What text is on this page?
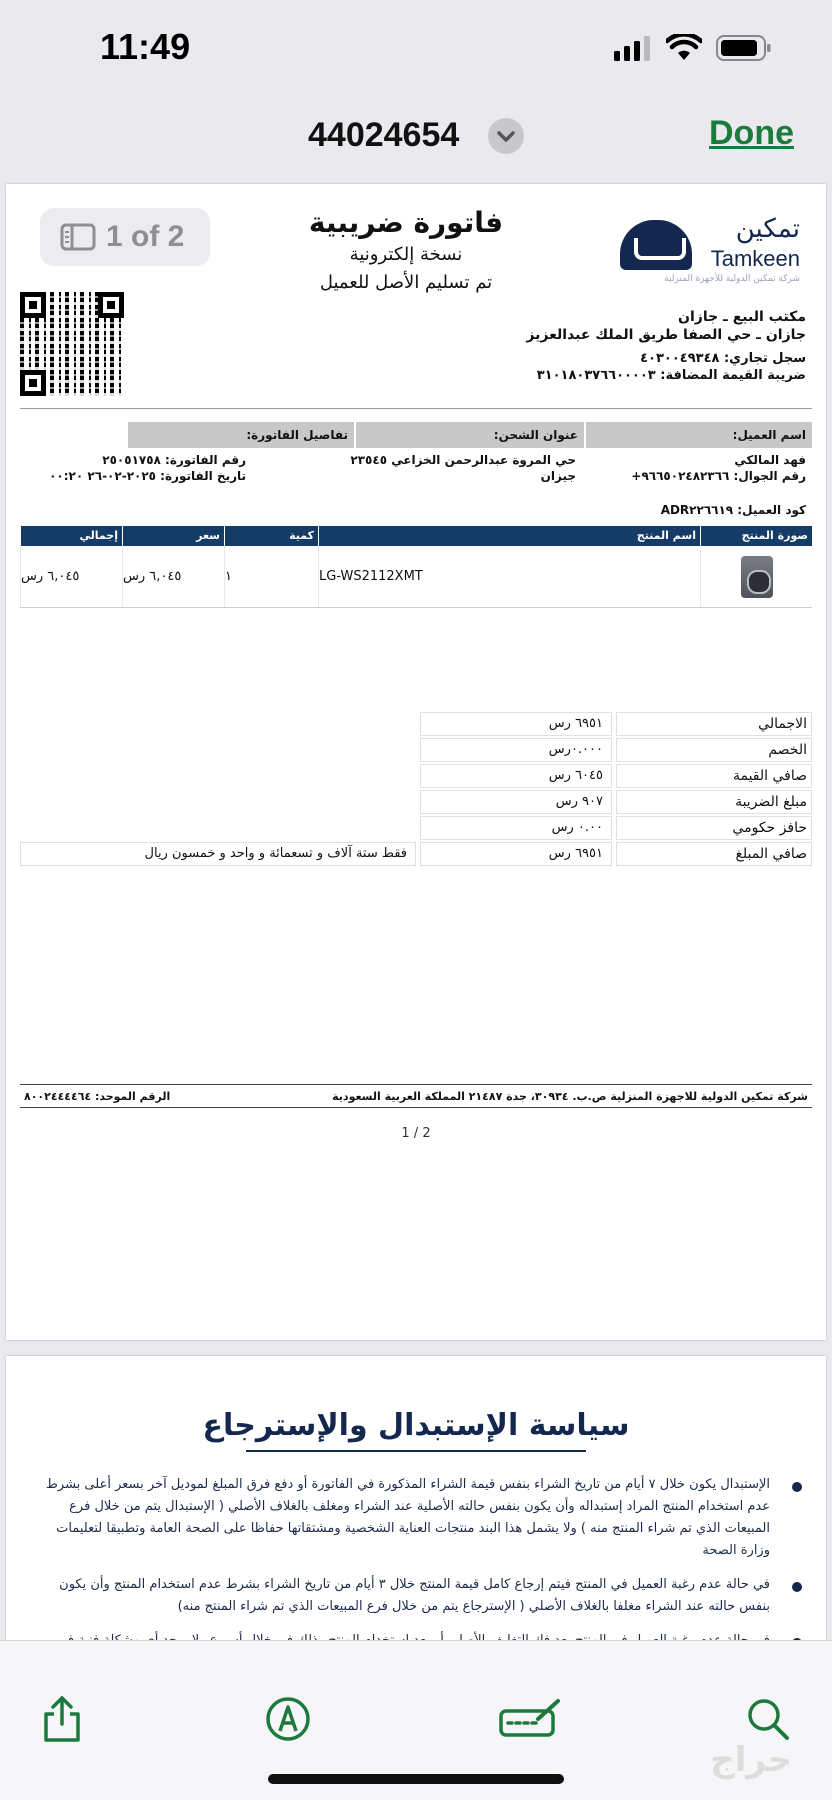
11:49
44024654	Done
1 of 2	فاتورة ضريبية
نسخة إلكترونية
تم تسليم الأصل للعميل
تمكين
Tamkeen
شركة تمكين الدولية للأجهزة المنزلية
مكتب البيع ـ جازان
جازان ـ حي الصفا طريق الملك عبدالعزيز
سجل تجاري: ٤٠٣٠٠٤٩٣٤٨
ضريبة القيمة المضافة: ٣١٠١٨٠٣٧٦٦٠٠٠٠٣
اسم العميل:
عنوان الشحن:
تفاصيل الفاتورة:
فهد المالكي
رقم الجوال: ٩٦٦٥٠٢٤٨٢٣٦٦+
حي المروة عبدالرحمن الخزاعي ٢٣٥٤٥
جيزان
رقم الفاتورة: ٢٥٠٥١٧٥٨
تاريخ الفاتورة: ٢٠٢٥-٠٢-٢٦ ٠٠:٢٠
كود العميل: ADR٢٢٦٦١٩
صورة المنتج
اسم المنتج
كمية
سعر
إجمالي
LG-WS2112XMT
١
٦,٠٤٥ رس
٦,٠٤٥ رس
الاجمالي
٦٩٥١ رس
الخصم
٠.٠٠٠رس
صافي القيمة
٦٠٤٥ رس
مبلغ الضريبة
٩٠٧ رس
حافز حكومي
٠.٠٠ رس
صافي المبلغ
٦٩٥١ رس
فقط ستة آلاف و تسعمائة و واحد و خمسون ريال
شركة تمكين الدولية للاجهزة المنزلية ص.ب. ٣٠٩٣٤، جدة ٢١٤٨٧ المملكة العربية السعودية
الرقم الموحد: ٨٠٠٢٤٤٤٤٦٤
1 / 2
سياسة الإستبدال والإسترجاع
الإستبدال يكون خلال ٧ أيام من تاريخ الشراء بنفس قيمة الشراء المذكورة في الفاتورة أو دفع فرق المبلغ لموديل آخر بسعر أعلى بشرط عدم استخدام المنتج المراد إستبداله وأن يكون بنفس حالته الأصلية عند الشراء ومغلف بالغلاف الأصلي ( الإستبدال يتم من خلال فرع المبيعات الذي تم شراء المنتج منه ) ولا يشمل هذا البند منتجات العناية الشخصية ومشتقاتها حفاظا على الصحة العامة وتطبيقا لتعليمات وزارة الصحة
في حالة عدم رغبة العميل في المنتج فيتم إرجاع كامل قيمة المنتج خلال ٣ أيام من تاريخ الشراء بشرط عدم استخدام المنتج وأن يكون بنفس حالته عند الشراء مغلفا بالغلاف الأصلي ( الإسترجاع يتم من خلال فرع المبيعات الذي تم شراء المنتج منه)
حراج
